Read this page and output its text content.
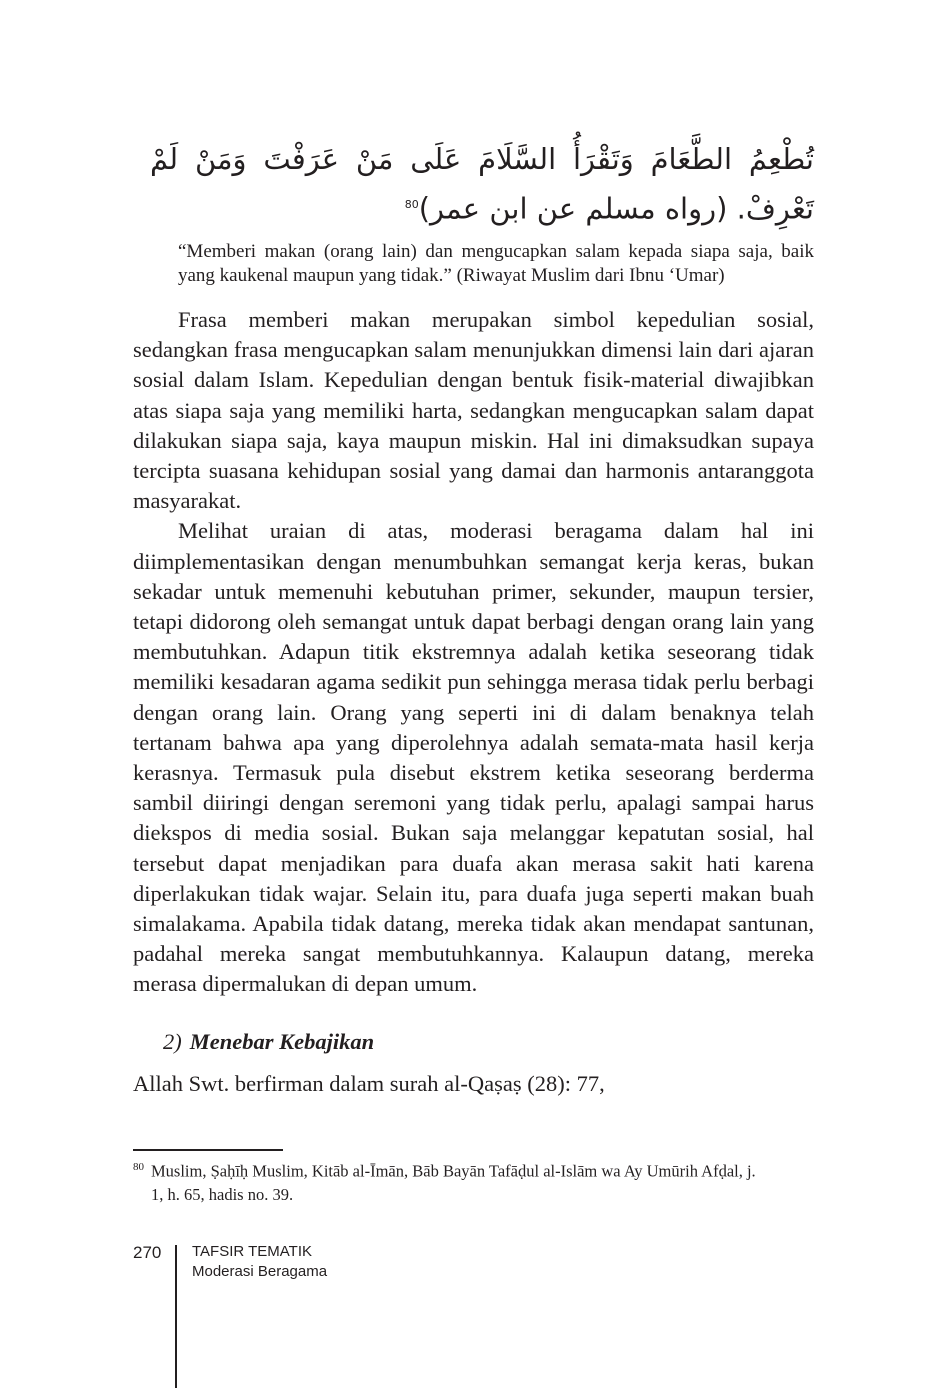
تُطْعِمُ الطَّعَامَ وَتَقْرَأُ السَّلَامَ عَلَى مَنْ عَرَفْتَ وَمَنْ لَمْ تَعْرِفْ. (رواه مسلم عن ابن عمر)$^{80}$
“Memberi makan (orang lain) dan mengucapkan salam kepada siapa saja, baik yang kaukenal maupun yang tidak.” (Riwayat Muslim dari Ibnu ‘Umar)

Frasa memberi makan merupakan simbol kepedulian sosial, sedangkan frasa mengucapkan salam menunjukkan dimensi lain dari ajaran sosial dalam Islam. Kepedulian dengan bentuk fisik-material diwajibkan atas siapa saja yang memiliki harta, sedangkan mengucapkan salam dapat dilakukan siapa saja, kaya maupun miskin. Hal ini dimaksudkan supaya tercipta suasana kehidupan sosial yang damai dan harmonis antaranggota masyarakat.

Melihat uraian di atas, moderasi beragama dalam hal ini diimplementasikan dengan menumbuhkan semangat kerja keras, bukan sekadar untuk memenuhi kebutuhan primer, sekunder, maupun tersier, tetapi didorong oleh semangat untuk dapat berbagi dengan orang lain yang membutuhkan. Adapun titik ekstremnya adalah ketika seseorang tidak memiliki kesadaran agama sedikit pun sehingga merasa tidak perlu berbagi dengan orang lain. Orang yang seperti ini di dalam benaknya telah tertanam bahwa apa yang diperolehnya adalah semata-mata hasil kerja kerasnya. Termasuk pula disebut ekstrem ketika seseorang berderma sambil diiringi dengan seremoni yang tidak perlu, apalagi sampai harus diekspos di media sosial. Bukan saja melanggar kepatutan sosial, hal tersebut dapat menjadikan para duafa akan merasa sakit hati karena diperlakukan tidak wajar. Selain itu, para duafa juga seperti makan buah simalakama. Apabila tidak datang, mereka tidak akan mendapat santunan, padahal mereka sangat membutuhkannya. Kalaupun datang, mereka merasa dipermalukan di depan umum.

2) Menebar Kebajikan
Allah Swt. berfirman dalam surah al-Qaṣaṣ (28): 77,
80 Muslim, Ṣaḥīḥ Muslim, Kitāb al-Īmān, Bāb Bayān Tafāḍul al-Islām wa Ay Umūrih Afḍal, j.
1, h. 65, hadis no. 39.
270 TAFSIR TEMATIK
Moderasi Beragama
